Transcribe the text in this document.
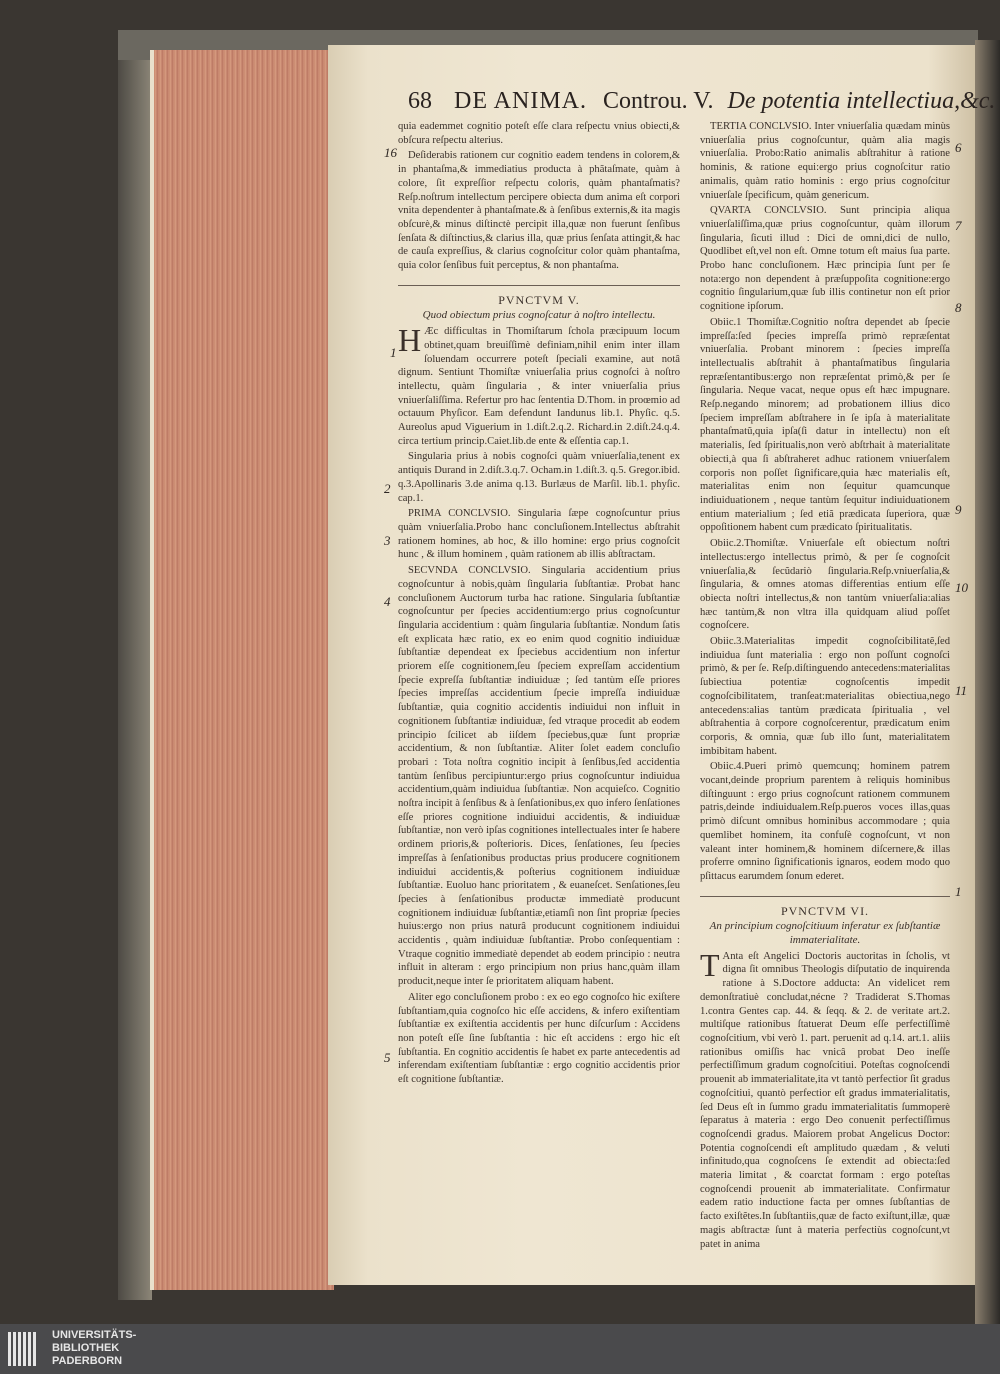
68 DE ANIMA. Controu. V. De potentia intellectiua,&c.
16
1
2
3
4
5
6
7
8
9
10
11
1

quia eademmet cognitio poteſt eſſe clara reſpectu vnius obiecti,& obſcura reſpectu alterius.

Deſiderabis rationem cur cognitio eadem tendens in colorem,& in phantaſma,& immediatius producta à phãtaſmate, quàm à colore, ſit expreſſior reſpectu coloris, quàm phantaſmatis? Reſp.noſtrum intellectum percipere obiecta dum anima eſt corpori vnita dependenter à phantaſmate.& à ſenſibus externis,& ita magis obſcurè,& minus diſtinctè percipit illa,quæ non fuerunt ſenſibus ſenſata & diſtinctius,& clarius illa, quæ prius ſenſata attingit,& hac de cauſa expreſſius, & clarius cognoſcitur color quàm phantaſma, quia color ſenſibus fuit perceptus, & non phantaſma.

PVNCTVM V.

Quod obiectum prius cognoſcatur à noſtro intellectu.

H Æc difficultas in Thomiſtarum ſchola præcipuum locum obtinet,quam breuiſſimè definiam,nihil enim inter illam ſoluendam occurrere poteſt ſpeciali examine, aut notâ dignum. Sentiunt Thomiſtæ vniuerſalia prius cognoſci à noſtro intellectu, quàm ſingularia , & inter vniuerſalia prius vniuerſaliſſima. Refertur pro hac ſententia D.Thom. in proœmio ad octauum Phyſicor. Eam defendunt Iandunus lib.1. Phyſic. q.5. Aureolus apud Viguerium in 1.diſt.2.q.2. Richard.in 2.diſt.24.q.4. circa tertium princip.Caiet.lib.de ente & eſſentia cap.1.

Singularia prius à nobis cognoſci quàm vniuerſalia,tenent ex antiquis Durand in 2.diſt.3.q.7. Ocham.in 1.diſt.3. q.5. Gregor.ibid. q.3.Apollinaris 3.de anima q.13. Burlæus de Marſil. lib.1. phyſic. cap.1.

PRIMA CONCLVSIO. Singularia ſæpe cognoſcuntur prius quàm vniuerſalia.Probo hanc concluſionem.Intellectus abſtrahit rationem homines, ab hoc, & illo homine: ergo prius cognoſcit hunc , & illum hominem , quàm rationem ab illis abſtractam.

SECVNDA CONCLVSIO. Singularia accidentium prius cognoſcuntur à nobis,quàm ſingularia ſubſtantiæ. Probat hanc concluſionem Auctorum turba hac ratione. Singularia ſubſtantiæ cognoſcuntur per ſpecies accidentium:ergo prius cognoſcuntur ſingularia accidentium : quàm ſingularia ſubſtantiæ. Nondum ſatis eſt explicata hæc ratio, ex eo enim quod cognitio indiuiduæ ſubſtantiæ dependeat ex ſpeciebus accidentium non infertur priorem eſſe cognitionem,ſeu ſpeciem expreſſam accidentium ſpecie expreſſa ſubſtantiæ indiuiduæ ; ſed tantùm eſſe priores ſpecies impreſſas accidentium ſpecie impreſſa indiuiduæ ſubſtantiæ, quia cognitio accidentis indiuidui non influit in cognitionem ſubſtantiæ indiuiduæ, ſed vtraque procedit ab eodem principio ſcilicet ab iiſdem ſpeciebus,quæ ſunt propriæ accidentium, & non ſubſtantiæ. Aliter ſolet eadem concluſio probari : Tota noſtra cognitio incipit à ſenſibus,ſed accidentia tantùm ſenſibus percipiuntur:ergo prius cognoſcuntur indiuidua accidentium,quàm indiuidua ſubſtantiæ. Non acquieſco. Cognitio noſtra incipit à ſenſibus & à ſenſationibus,ex quo infero ſenſationes eſſe priores cognitione indiuidui accidentis, & indiuiduæ ſubſtantiæ, non verò ipſas cognitiones intellectuales inter ſe habere ordinem prioris,& poſterioris. Dices, ſenſationes, ſeu ſpecies impreſſas à ſenſationibus productas prius producere cognitionem indiuidui accidentis,& poſterius cognitionem indiuiduæ ſubſtantiæ. Euoluo hanc prioritatem , & euaneſcet. Senſationes,ſeu ſpecies à ſenſationibus productæ immediatè producunt cognitionem indiuiduæ ſubſtantiæ,etiamſi non ſint propriæ ſpecies huius:ergo non prius naturâ producunt cognitionem indiuidui accidentis , quàm indiuiduæ ſubſtantiæ. Probo conſequentiam : Vtraque cognitio immediatè dependet ab eodem principio : neutra influit in alteram : ergo principium non prius hanc,quàm illam producit,neque inter ſe prioritatem aliquam habent.

Aliter ego concluſionem probo : ex eo ego cognoſco hic exiſtere ſubſtantiam,quia cognoſco hic eſſe accidens, & infero exiſtentiam ſubſtantiæ ex exiſtentia accidentis per hunc diſcurſum : Accidens non poteſt eſſe ſine ſubſtantia : hic eſt accidens : ergo hic eſt ſubſtantia. En cognitio accidentis ſe habet ex parte antecedentis ad inferendam exiſtentiam ſubſtantiæ : ergo cognitio accidentis prior eſt cognitione ſubſtantiæ.

TERTIA CONCLVSIO. Inter vniuerſalia quædam minùs vniuerſalia prius cognoſcuntur, quàm alia magis vniuerſalia. Probo:Ratio animalis abſtrahitur à ratione hominis, & ratione equi:ergo prius cognoſcitur ratio animalis, quàm ratio hominis : ergo prius cognoſcitur vniuerſale ſpecificum, quàm genericum.

QVARTA CONCLVSIO. Sunt principia aliqua vniuerſaliſſima,quæ prius cognoſcuntur, quàm illorum ſingularia, ſicuti illud : Dici de omni,dici de nullo, Quodlibet eſt,vel non eſt. Omne totum eſt maius ſua parte. Probo hanc concluſionem. Hæc principia ſunt per ſe nota:ergo non dependent à præſuppoſita cognitione:ergo cognitio ſingularium,quæ ſub illis continetur non eſt prior cognitione ipſorum.

Obiic.1 Thomiſtæ.Cognitio noſtra dependet ab ſpecie impreſſa:ſed ſpecies impreſſa primò repræſentat vniuerſalia. Probant minorem : ſpecies impreſſa intellectualis abſtrahit à phantaſmatibus ſingularia repræſentantibus:ergo non repræſentat primò,& per ſe ſingularia. Neque vacat, neque opus eſt hæc impugnare. Reſp.negando minorem; ad probationem illius dico ſpeciem impreſſam abſtrahere in ſe ipſa à materialitate phantaſmatũ,quia ipſa(ſi datur in intellectu) non eſt materialis, ſed ſpiritualis,non verò abſtrhait à materialitate obiecti,à qua ſi abſtraheret adhuc rationem vniuerſalem corporis non poſſet ſignificare,quia hæc materialis eſt, materialitas enim non ſequitur quamcunque indiuiduationem , neque tantùm ſequitur indiuiduationem entium materialium ; ſed etiã prædicata ſuperiora, quæ oppoſitionem habent cum prædicato ſpiritualitatis.

Obiic.2.Thomiſtæ. Vniuerſale eſt obiectum noſtri intellectus:ergo intellectus primò, & per ſe cognoſcit vniuerſalia,& ſecũdariò ſingularia.Reſp.vniuerſalia,& ſingularia, & omnes atomas differentias entium eſſe obiecta noſtri intellectus,& non tantùm vniuerſalia:alias hæc tantùm,& non vltra illa quidquam aliud poſſet cognoſcere.

Obiic.3.Materialitas impedit cognoſcibilitatẽ,ſed indiuidua ſunt materialia : ergo non poſſunt cognoſci primò, & per ſe. Reſp.diſtinguendo antecedens:materialitas ſubiectiua potentiæ cognoſcentis impedit cognoſcibilitatem, tranſeat:materialitas obiectiua,nego antecedens:alias tantùm prædicata ſpiritualia , vel abſtrahentia à corpore cognoſcerentur, prædicatum enim corporis, & omnia, quæ ſub illo ſunt, materialitatem imbibitam habent.

Obiic.4.Pueri primò quemcunq; hominem patrem vocant,deinde proprium parentem à reliquis hominibus diſtinguunt : ergo prius cognoſcunt rationem communem patris,deinde indiuidualem.Reſp.pueros voces illas,quas primò diſcunt omnibus hominibus accommodare ; quia quemlibet hominem, ita confuſè cognoſcunt, vt non valeant inter hominem,& hominem diſcernere,& illas proferre omnino ſignificationis ignaros, eodem modo quo pſittacus earumdem ſonum ederet.

PVNCTVM VI.

An principium cognoſcitiuum inferatur ex ſubſtantiæ immaterialitate.

T Anta eſt Angelici Doctoris auctoritas in ſcholis, vt digna ſit omnibus Theologis diſputatio de inquirenda ratione à S.Doctore adducta: An videlicet rem demonſtratiuè concludat,nécne ? Tradiderat S.Thomas 1.contra Gentes cap. 44. & ſeqq. & 2. de veritate art.2. multiſque rationibus ſtatuerat Deum eſſe perfectiſſimè cognoſcitium, vbi verò 1. part. peruenit ad q.14. art.1. aliis rationibus omiſſis hac vnicâ probat Deo ineſſe perfectiſſimum gradum cognoſcitiui. Poteſtas cognoſcendi prouenit ab immaterialitate,ita vt tantò perfectior ſit gradus cognoſcitiui, quantò perfectior eſt gradus immaterialitatis, ſed Deus eſt in ſummo gradu immaterialitatis ſummoperè ſeparatus à materia : ergo Deo conuenit perfectiſſimus cognoſcendi gradus. Maiorem probat Angelicus Doctor: Potentia cognoſcendi eſt amplitudo quædam , & veluti infinitudo,qua cognoſcens ſe extendit ad obiecta:ſed materia limitat , & coarctat formam : ergo poteſtas cognoſcendi prouenit ab immaterialitate. Confirmatur eadem ratio inductione facta per omnes ſubſtantias de facto exiſtẽtes.In ſubſtantiis,quæ de facto exiſtunt,illæ, quæ magis abſtractæ ſunt à materia perfectiùs cognoſcunt,vt patet in anima

UNIVERSITÄTS-
BIBLIOTHEK
PADERBORN
